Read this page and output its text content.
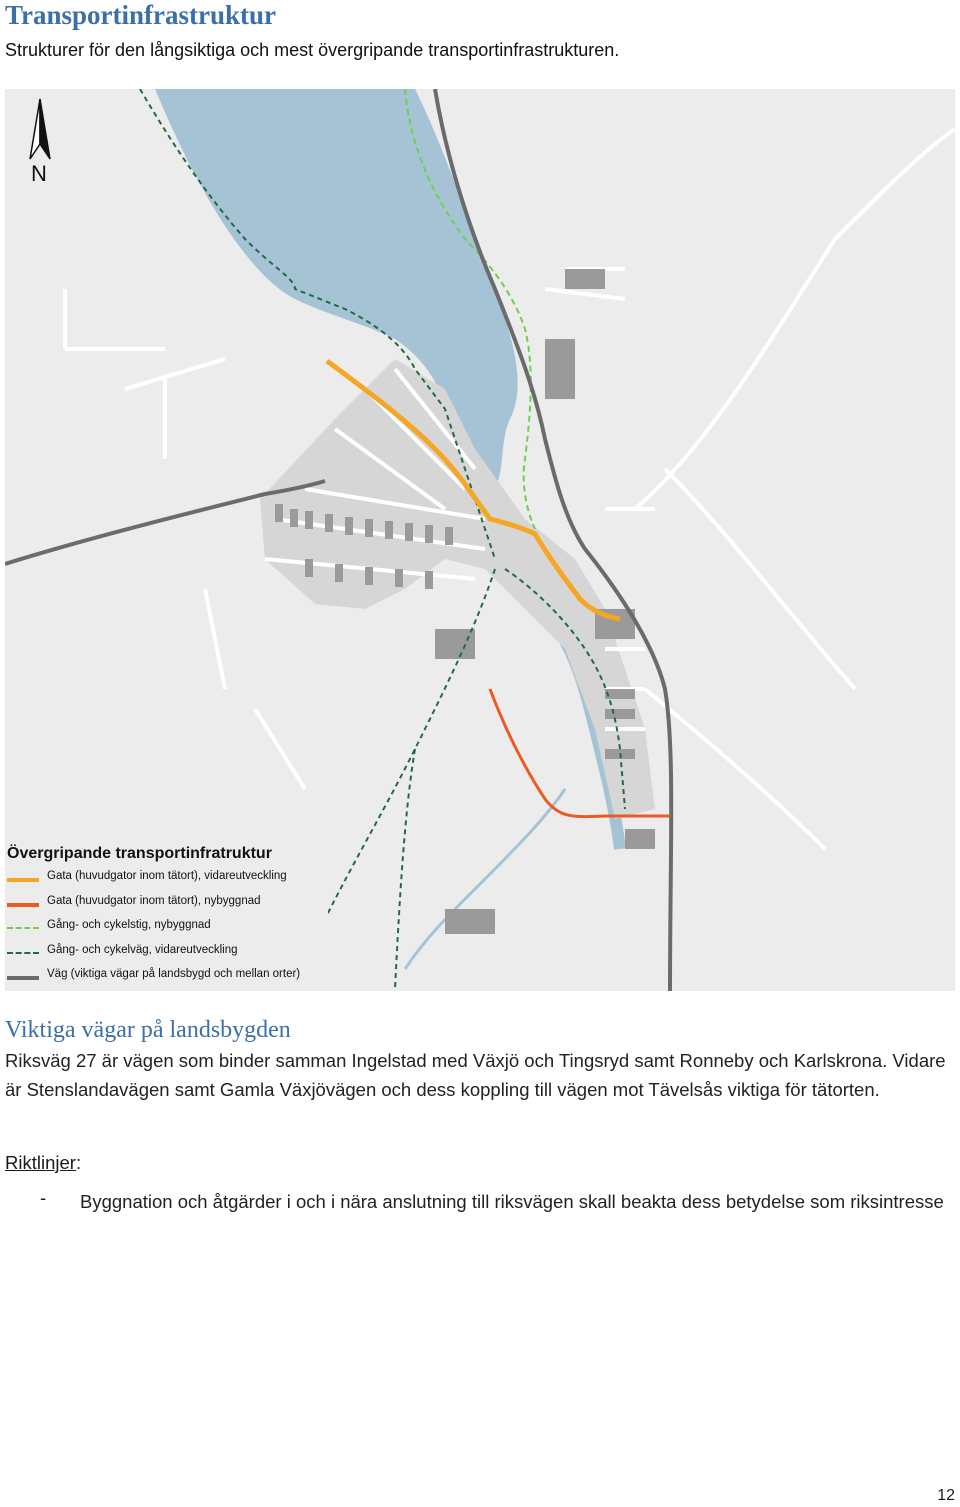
Transportinfrastruktur
Strukturer för den långsiktiga och mest övergripande transportinfrastrukturen.
N
Övergripande transportinfratruktur
Gata (huvudgator inom tätort), vidareutveckling
Gata (huvudgator inom tätort), nybyggnad
Gång- och cykelstig, nybyggnad
Gång- och cykelväg, vidareutveckling
Väg (viktiga vägar på landsbygd och mellan orter)
Viktiga vägar på landsbygden
Riksväg 27 är vägen som binder samman Ingelstad med Växjö och Tingsryd samt Ronneby och Karlskrona. Vidare är Stenslandavägen samt Gamla Växjövägen och dess koppling till vägen mot Tävelsås viktiga för tätorten.
Riktlinjer:
- Byggnation och åtgärder i och i nära anslutning till riksvägen skall beakta dess betydelse som riksintresse
12
